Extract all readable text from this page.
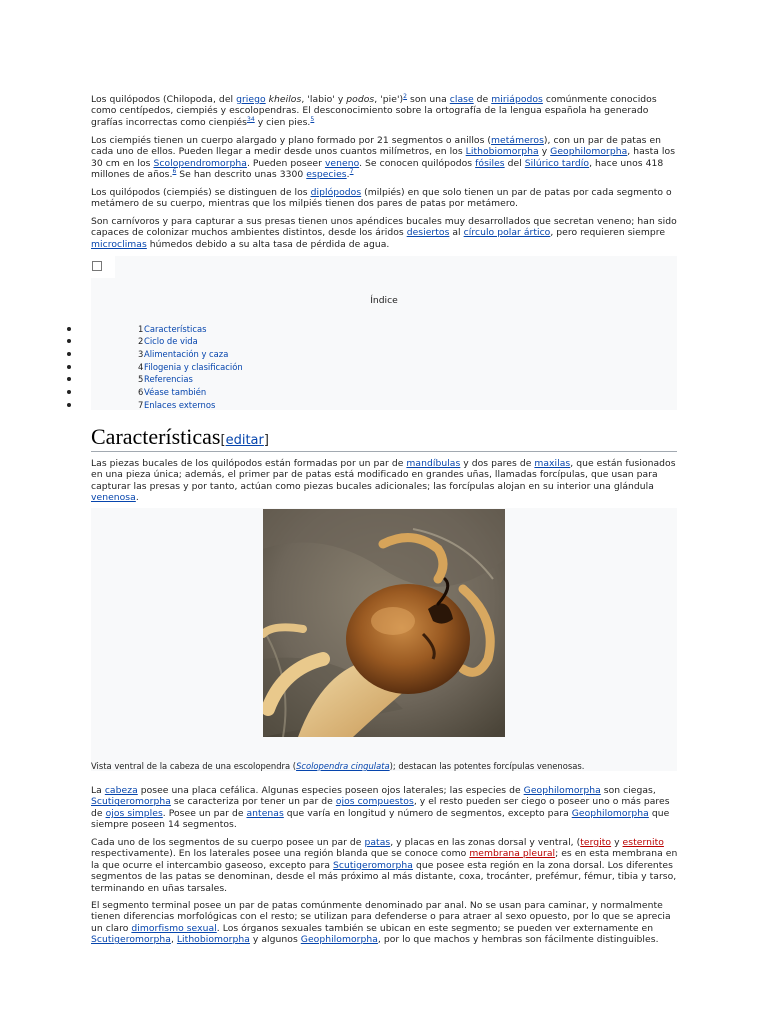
Los quilópodos (Chilopoda, del griego kheilos, 'labio' y podos, 'pie')$^2$ son una clase de miriápodos comúnmente conocidos como centípedos, ciempiés y escolopendras. El desconocimiento sobre la ortografía de la lengua española ha generado grafías incorrectas como cienpiés$^{34}$ y cien pies.$^5$

Los ciempiés tienen un cuerpo alargado y plano formado por 21 segmentos o anillos (metámeros), con un par de patas en cada uno de ellos. Pueden llegar a medir desde unos cuantos milímetros, en los Lithobiomorpha y Geophilomorpha, hasta los 30 cm en los Scolopendromorpha. Pueden poseer veneno. Se conocen quilópodos fósiles del Silúrico tardío, hace unos 418 millones de años.$^6$ Se han descrito unas 3300 especies.$^7$

Los quilópodos (ciempiés) se distinguen de los diplópodos (milpiés) en que solo tienen un par de patas por cada segmento o metámero de su cuerpo, mientras que los milpiés tienen dos pares de patas por metámero.

Son carnívoros y para capturar a sus presas tienen unos apéndices bucales muy desarrollados que secretan veneno; han sido capaces de colonizar muchos ambientes distintos, desde los áridos desiertos al círculo polar ártico, pero requieren siempre microclimas húmedos debido a su alta tasa de pérdida de agua.

Índice
1 Características
2 Ciclo de vida
3 Alimentación y caza
4 Filogenia y clasificación
5 Referencias
6 Véase también
7 Enlaces externos
Características[editar]

Las piezas bucales de los quilópodos están formadas por un par de mandíbulas y dos pares de maxilas, que están fusionados en una pieza única; además, el primer par de patas está modificado en grandes uñas, llamadas forcípulas, que usan para capturar las presas y por tanto, actúan como piezas bucales adicionales; las forcípulas alojan en su interior una glándula venenosa.

Vista ventral de la cabeza de una escolopendra (Scolopendra cingulata); destacan las potentes forcípulas venenosas.

La cabeza posee una placa cefálica. Algunas especies poseen ojos laterales; las especies de Geophilomorpha son ciegas, Scutigeromorpha se caracteriza por tener un par de ojos compuestos, y el resto pueden ser ciego o poseer uno o más pares de ojos simples. Posee un par de antenas que varía en longitud y número de segmentos, excepto para Geophilomorpha que siempre poseen 14 segmentos.

Cada uno de los segmentos de su cuerpo posee un par de patas, y placas en las zonas dorsal y ventral, (tergito y esternito respectivamente). En los laterales posee una región blanda que se conoce como membrana pleural; es en esta membrana en la que ocurre el intercambio gaseoso, excepto para Scutigeromorpha que posee esta región en la zona dorsal. Los diferentes segmentos de las patas se denominan, desde el más próximo al más distante, coxa, trocánter, prefémur, fémur, tibia y tarso, terminando en uñas tarsales.

El segmento terminal posee un par de patas comúnmente denominado par anal. No se usan para caminar, y normalmente tienen diferencias morfológicas con el resto; se utilizan para defenderse o para atraer al sexo opuesto, por lo que se aprecia un claro dimorfismo sexual. Los órganos sexuales también se ubican en este segmento; se pueden ver externamente en Scutigeromorpha, Lithobiomorpha y algunos Geophilomorpha, por lo que machos y hembras son fácilmente distinguibles.
